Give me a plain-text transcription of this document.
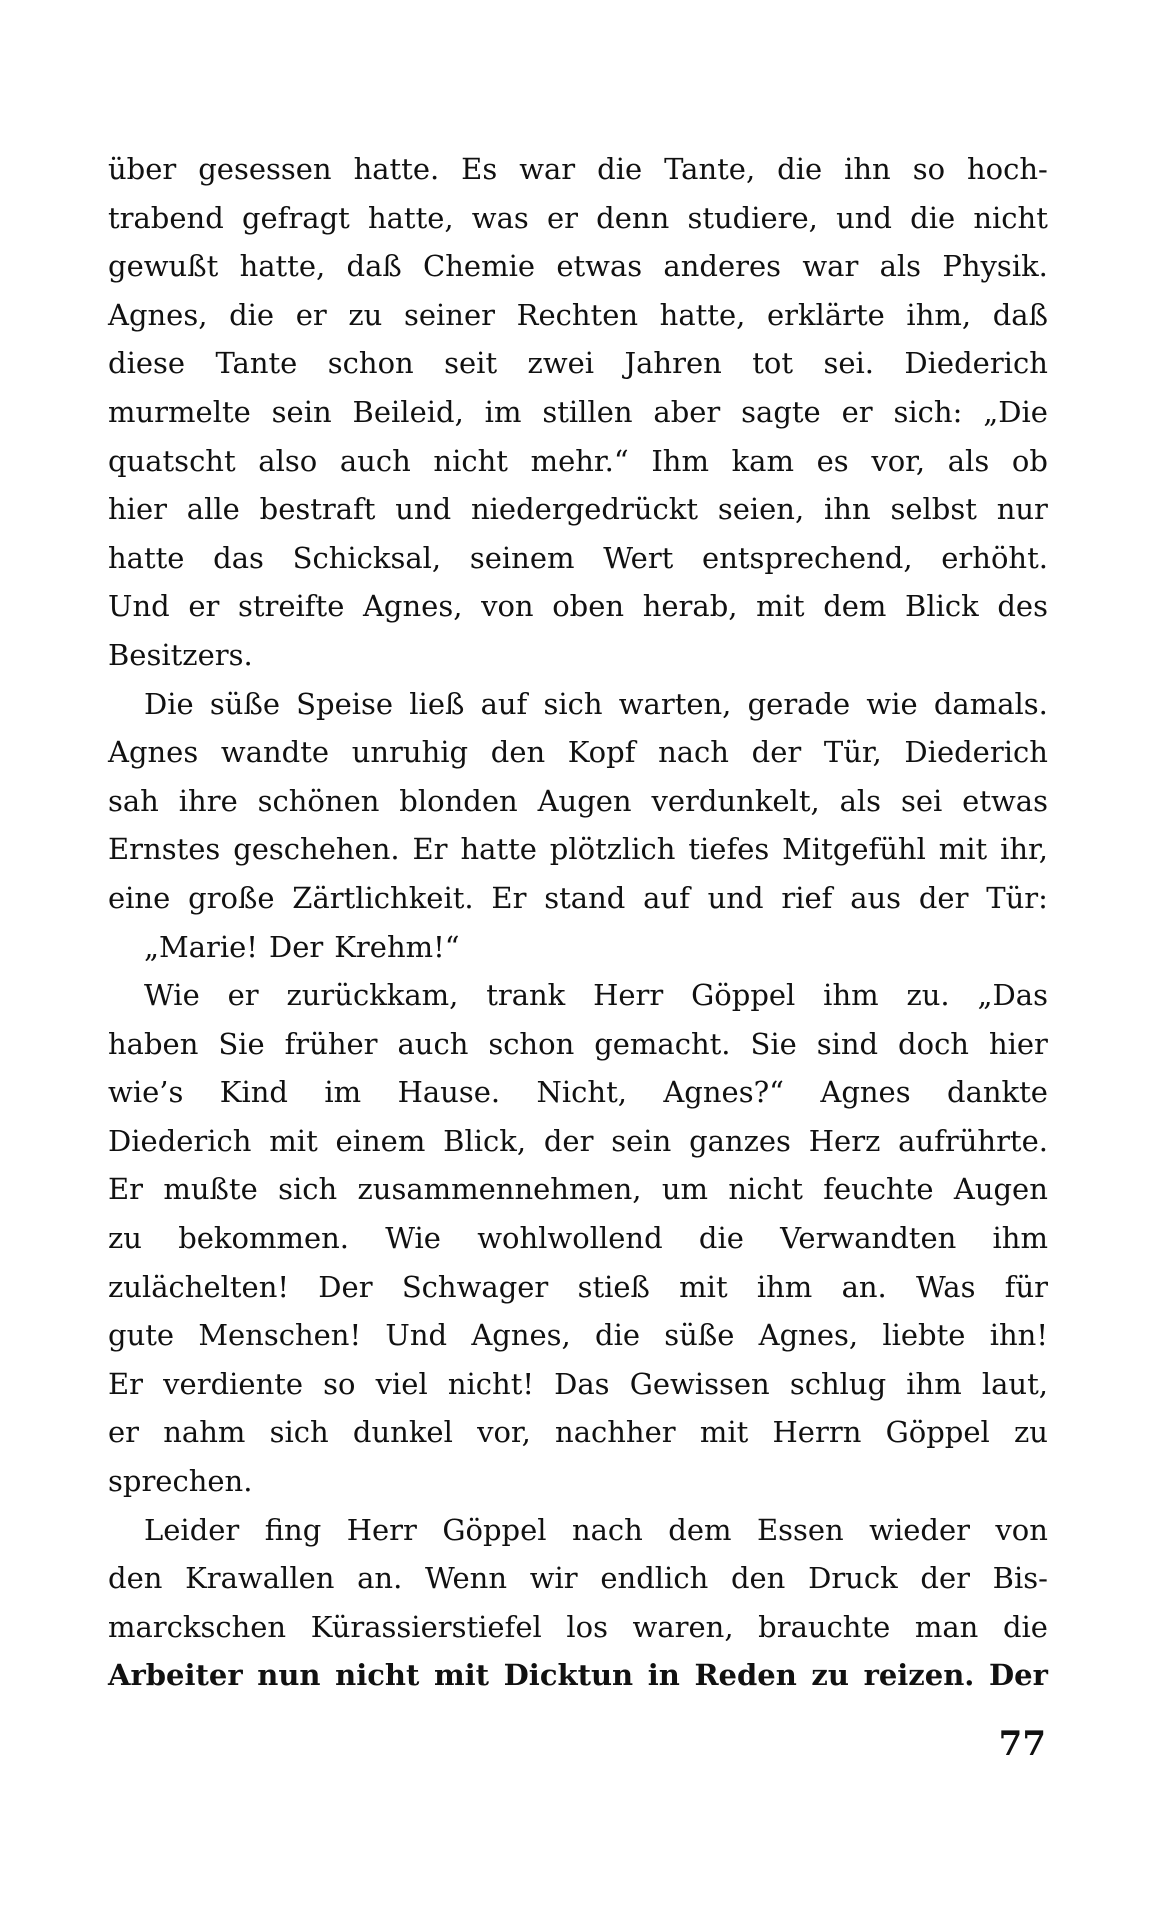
über gesessen hatte. Es war die Tante, die ihn so hoch-
trabend gefragt hatte, was er denn studiere, und die nicht
gewußt hatte, daß Chemie etwas anderes war als Physik.
Agnes, die er zu seiner Rechten hatte, erklärte ihm, daß
diese Tante schon seit zwei Jahren tot sei. Diederich
murmelte sein Beileid, im stillen aber sagte er sich: „Die
quatscht also auch nicht mehr.“ Ihm kam es vor, als ob
hier alle bestraft und niedergedrückt seien, ihn selbst nur
hatte das Schicksal, seinem Wert entsprechend, erhöht.
Und er streifte Agnes, von oben herab, mit dem Blick des
Besitzers.
Die süße Speise ließ auf sich warten, gerade wie damals.
Agnes wandte unruhig den Kopf nach der Tür, Diederich
sah ihre schönen blonden Augen verdunkelt, als sei etwas
Ernstes geschehen. Er hatte plötzlich tiefes Mitgefühl mit ihr,
eine große Zärtlichkeit. Er stand auf und rief aus der Tür:
„Marie! Der Krehm!“
Wie er zurückkam, trank Herr Göppel ihm zu. „Das
haben Sie früher auch schon gemacht. Sie sind doch hier
wie’s Kind im Hause. Nicht, Agnes?“ Agnes dankte
Diederich mit einem Blick, der sein ganzes Herz aufrührte.
Er mußte sich zusammennehmen, um nicht feuchte Augen
zu bekommen. Wie wohlwollend die Verwandten ihm
zulächelten! Der Schwager stieß mit ihm an. Was für
gute Menschen! Und Agnes, die süße Agnes, liebte ihn!
Er verdiente so viel nicht! Das Gewissen schlug ihm laut,
er nahm sich dunkel vor, nachher mit Herrn Göppel zu
sprechen.
Leider fing Herr Göppel nach dem Essen wieder von
den Krawallen an. Wenn wir endlich den Druck der Bis-
marckschen Kürassierstiefel los waren, brauchte man die
Arbeiter nun nicht mit Dicktun in Reden zu reizen. Der
77
